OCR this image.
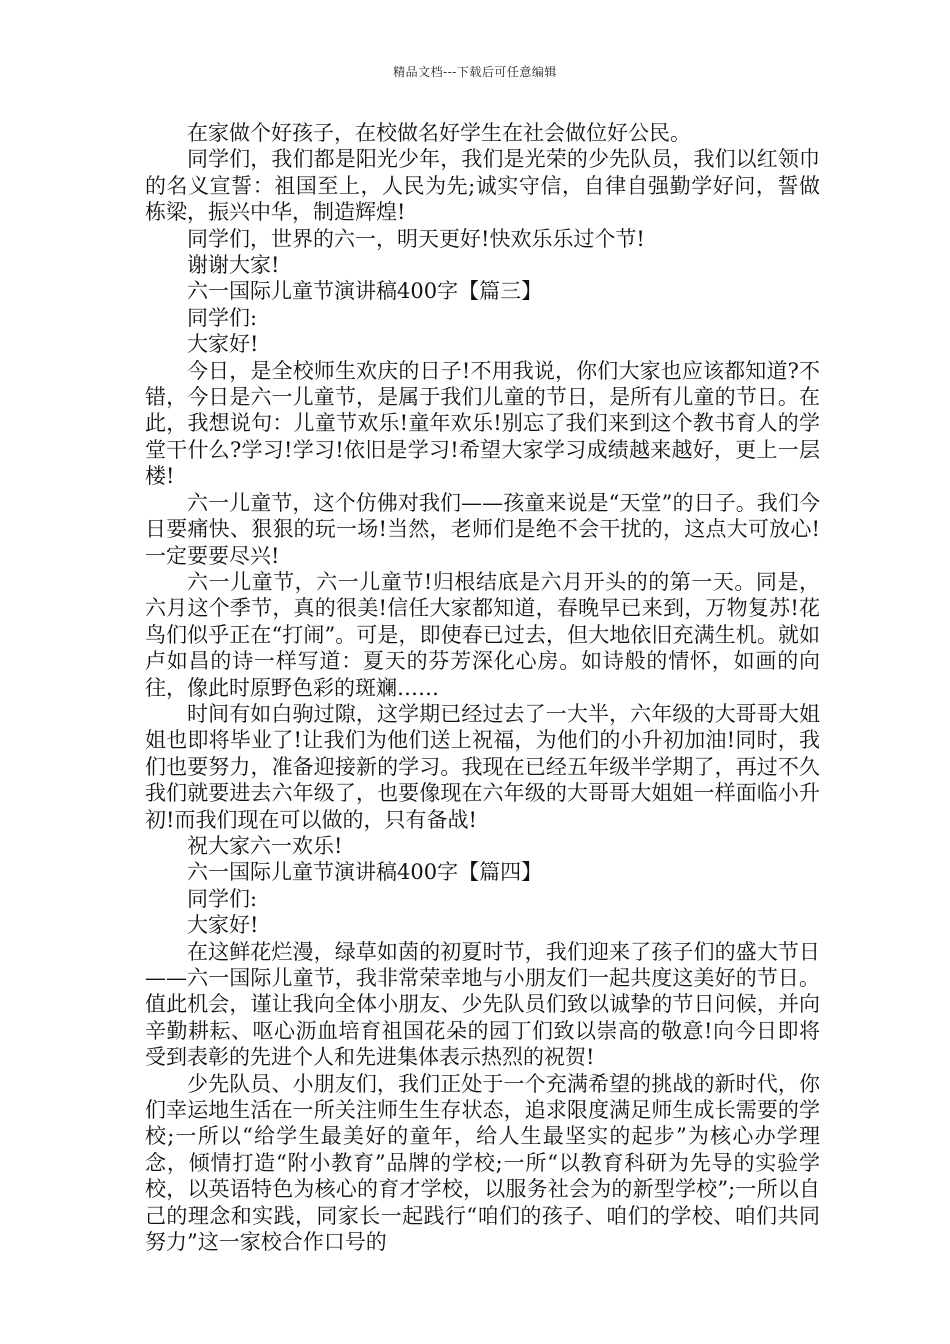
精品文档---下载后可任意编辑

在家做个好孩子，在校做名好学生在社会做位好公民。

同学们，我们都是阳光少年，我们是光荣的少先队员，我们以红领巾的名义宣誓：祖国至上，人民为先;诚实守信，自律自强勤学好问，誓做栋梁，振兴中华，制造辉煌!

同学们，世界的六一，明天更好!快欢乐乐过个节!

谢谢大家!

六一国际儿童节演讲稿400字【篇三】

同学们:

大家好!

今日，是全校师生欢庆的日子!不用我说，你们大家也应该都知道?不错，今日是六一儿童节，是属于我们儿童的节日，是所有儿童的节日。在此，我想说句：儿童节欢乐!童年欢乐!别忘了我们来到这个教书育人的学堂干什么?学习!学习!依旧是学习!希望大家学习成绩越来越好，更上一层楼!

六一儿童节，这个仿佛对我们——孩童来说是“天堂”的日子。我们今日要痛快、狠狠的玩一场!当然，老师们是绝不会干扰的，这点大可放心!一定要要尽兴!

六一儿童节，六一儿童节!归根结底是六月开头的的第一天。同是，六月这个季节，真的很美!信任大家都知道，春晚早已来到，万物复苏!花鸟们似乎正在“打闹”。可是，即使春已过去，但大地依旧充满生机。就如卢如昌的诗一样写道：夏天的芬芳深化心房。如诗般的情怀，如画的向往，像此时原野色彩的斑斓……

时间有如白驹过隙，这学期已经过去了一大半，六年级的大哥哥大姐姐也即将毕业了!让我们为他们送上祝福，为他们的小升初加油!同时，我们也要努力，准备迎接新的学习。我现在已经五年级半学期了，再过不久我们就要进去六年级了，也要像现在六年级的大哥哥大姐姐一样面临小升初!而我们现在可以做的，只有备战!

祝大家六一欢乐!

六一国际儿童节演讲稿400字【篇四】

同学们:

大家好!

在这鲜花烂漫，绿草如茵的初夏时节，我们迎来了孩子们的盛大节日——六一国际儿童节，我非常荣幸地与小朋友们一起共度这美好的节日。值此机会，谨让我向全体小朋友、少先队员们致以诚挚的节日问候，并向辛勤耕耘、呕心沥血培育祖国花朵的园丁们致以崇高的敬意!向今日即将受到表彰的先进个人和先进集体表示热烈的祝贺!

少先队员、小朋友们，我们正处于一个充满希望的挑战的新时代，你们幸运地生活在一所关注师生生存状态，追求限度满足师生成长需要的学校;一所以“给学生最美好的童年，给人生最坚实的起步”为核心办学理念，倾情打造“附小教育”品牌的学校;一所“以教育科研为先导的实验学校，以英语特色为核心的育才学校，以服务社会为的新型学校”;一所以自己的理念和实践，同家长一起践行“咱们的孩子、咱们的学校、咱们共同努力”这一家校合作口号的
